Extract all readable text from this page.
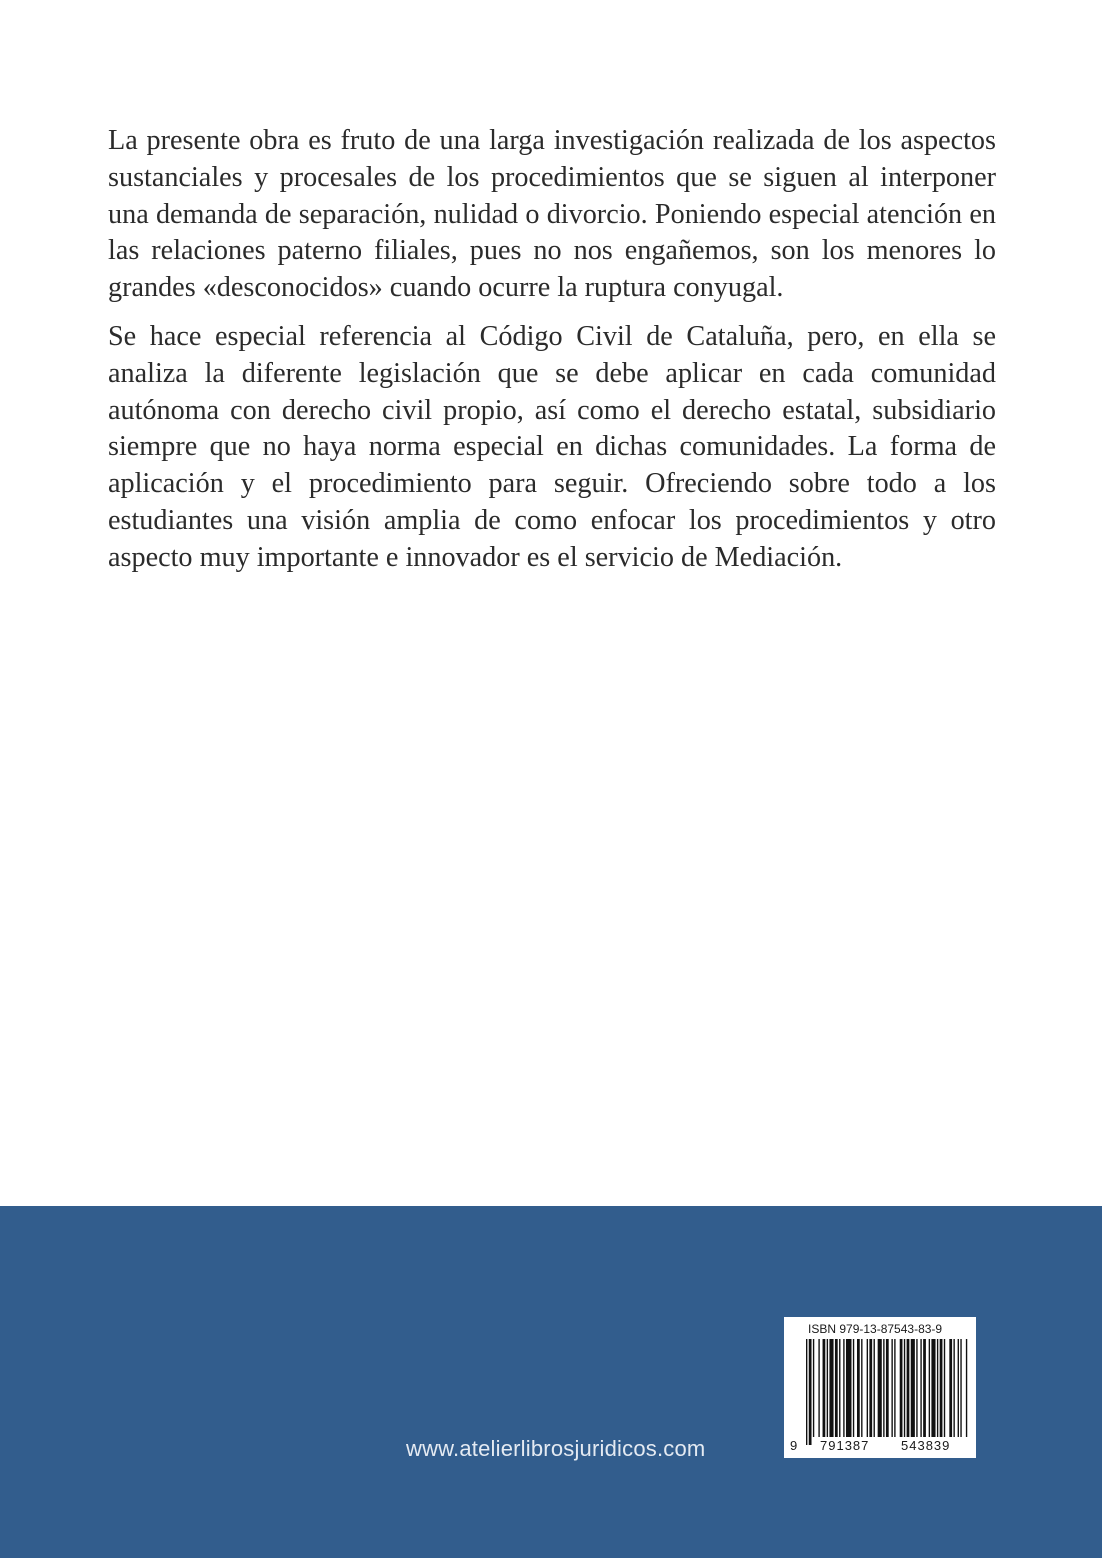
La presente obra es fruto de una larga investigación realizada de los aspectos sustanciales y procesales de los procedimientos que se siguen al interponer una demanda de separación, nulidad o divorcio. Poniendo especial atención en las relaciones paterno filiales, pues no nos engañemos, son los menores lo grandes «desconocidos» cuando ocurre la ruptura conyugal.

Se hace especial referencia al Código Civil de Cataluña, pero, en ella se analiza la diferente legislación que se debe aplicar en cada comunidad autónoma con derecho civil propio, así como el derecho estatal, subsidiario siempre que no haya norma especial en dichas comunidades. La forma de aplicación y el procedimiento para seguir. Ofreciendo sobre todo a los estudiantes una visión amplia de como enfocar los procedimientos y otro aspecto muy importante e innovador es el servicio de Mediación.

www.atelierlibrosjuridicos.com
ISBN 979-13-87543-83-9
9 791387 543839
